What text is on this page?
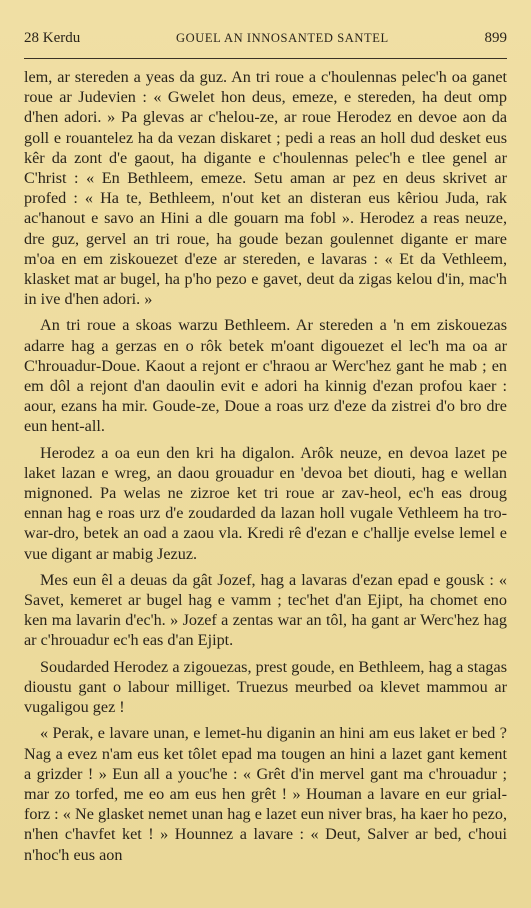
28 Kerdu	GOUEL AN INNOSANTED SANTEL	899

lem, ar stereden a yeas da guz. An tri roue a c'houlennas pelec'h oa ganet roue ar Judevien : « Gwelet hon deus, emeze, e stereden, ha deut omp d'hen adori. » Pa glevas ar c'helou-ze, ar roue Herodez en devoe aon da goll e rouantelez ha da vezan diskaret ; pedi a reas an holl dud desket eus kêr da zont d'e gaout, ha digante e c'houlennas pelec'h e tlee genel ar C'hrist : « En Bethleem, emeze. Setu aman ar pez en deus skrivet ar profed : « Ha te, Bethleem, n'out ket an disteran eus kêriou Juda, rak ac'hanout e savo an Hini a dle gouarn ma fobl ». Herodez a reas neuze, dre guz, gervel an tri roue, ha goude bezan goulennet digante er mare m'oa en em ziskouezet d'eze ar stereden, e lavaras : « Et da Vethleem, klasket mat ar bugel, ha p'ho pezo e gavet, deut da zigas kelou d'in, mac'h in ive d'hen adori. »

An tri roue a skoas warzu Bethleem. Ar stereden a 'n em ziskouezas adarre hag a gerzas en o rôk betek m'oant digouezet el lec'h ma oa ar C'hrouadur-Doue. Kaout a rejont er c'hraou ar Werc'hez gant he mab ; en em dôl a rejont d'an daoulin evit e adori ha kinnig d'ezan profou kaer : aour, ezans ha mir. Goude-ze, Doue a roas urz d'eze da zistrei d'o bro dre eun hent-all.

Herodez a oa eun den kri ha digalon. Arôk neuze, en devoa lazet pe laket lazan e wreg, an daou grouadur en 'devoa bet diouti, hag e wellan mignoned. Pa welas ne zizroe ket tri roue ar zav-heol, ec'h eas droug ennan hag e roas urz d'e zoudarded da lazan holl vugale Vethleem ha tro-war-dro, betek an oad a zaou vla. Kredi rê d'ezan e c'hallje evelse lemel e vue digant ar mabig Jezuz.

Mes eun êl a deuas da gât Jozef, hag a lavaras d'ezan epad e gousk : « Savet, kemeret ar bugel hag e vamm ; tec'het d'an Ejipt, ha chomet eno ken ma lavarin d'ec'h. » Jozef a zentas war an tôl, ha gant ar Werc'hez hag ar c'hrouadur ec'h eas d'an Ejipt.

Soudarded Herodez a zigouezas, prest goude, en Bethleem, hag a stagas dioustu gant o labour milliget. Truezus meurbed oa klevet mammou ar vugaligou gez !

« Perak, e lavare unan, e lemet-hu diganin an hini am eus laket er bed ? Nag a evez n'am eus ket tôlet epad ma tougen an hini a lazet gant kement a grizder ! » Eun all a youc'he : « Grêt d'in mervel gant ma c'hrouadur ; mar zo torfed, me eo am eus hen grêt ! » Houman a lavare en eur grial-forz : « Ne glasket nemet unan hag e lazet eun niver bras, ha kaer ho pezo, n'hen c'havfet ket ! » Hounnez a lavare : « Deut, Salver ar bed, c'houi n'hoc'h eus aon
